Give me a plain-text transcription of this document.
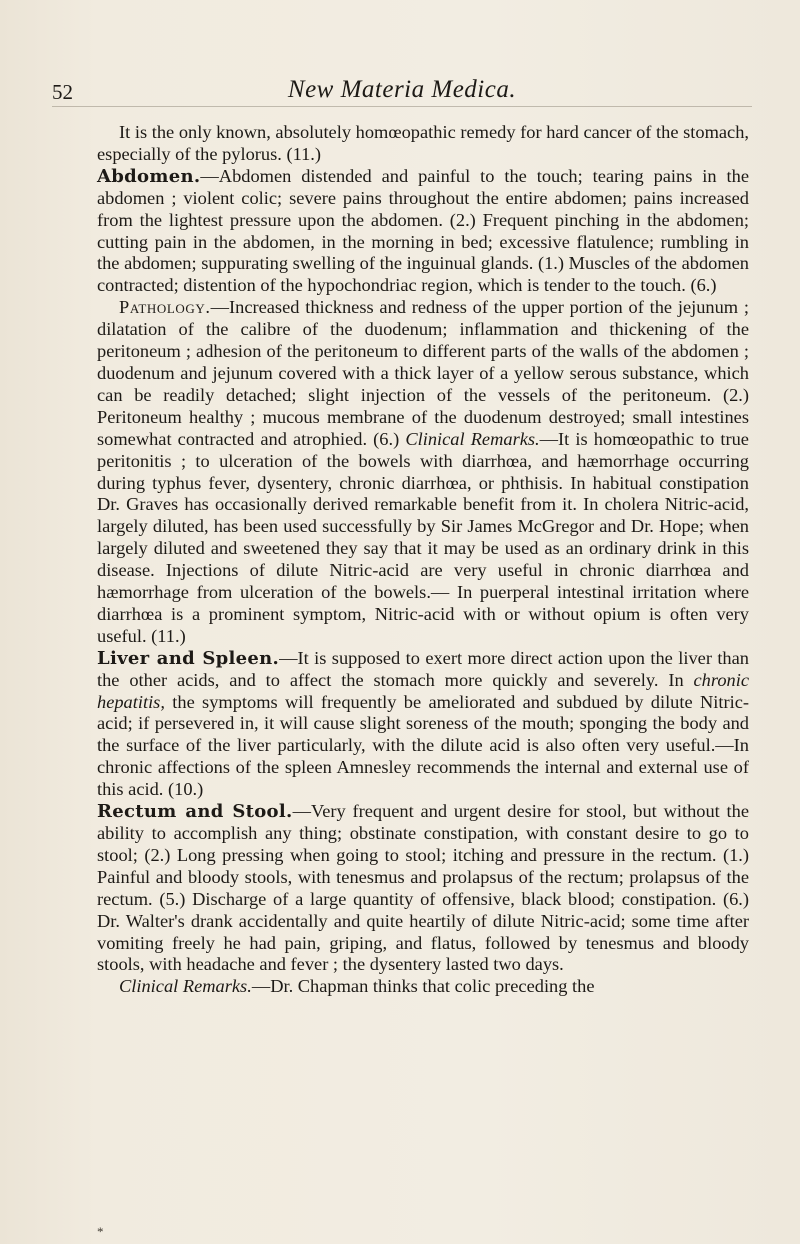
52	New Materia Medica.

It is the only known, absolutely homœopathic remedy for hard cancer of the stomach, especially of the pylorus. (11.)

Abdomen.—Abdomen distended and painful to the touch; tearing pains in the abdomen ; violent colic; severe pains throughout the entire abdomen; pains increased from the lightest pressure upon the abdomen. (2.) Frequent pinching in the abdomen; cutting pain in the abdomen, in the morning in bed; excessive flatulence; rumbling in the abdomen; suppurating swelling of the inguinual glands. (1.) Muscles of the abdomen contracted; distention of the hypochondriac region, which is tender to the touch. (6.)

Pathology.—Increased thickness and redness of the upper portion of the jejunum ; dilatation of the calibre of the duodenum; inflammation and thickening of the peritoneum ; adhesion of the peritoneum to different parts of the walls of the abdomen ; duodenum and jejunum covered with a thick layer of a yellow serous substance, which can be readily detached; slight injection of the vessels of the peritoneum. (2.) Peritoneum healthy ; mucous membrane of the duodenum destroyed; small intestines somewhat contracted and atrophied. (6.) Clinical Remarks.—It is homœopathic to true peritonitis ; to ulceration of the bowels with diarrhœa, and hæmorrhage occurring during typhus fever, dysentery, chronic diarrhœa, or phthisis. In habitual constipation Dr. Graves has occasionally derived remarkable benefit from it. In cholera Nitric-acid, largely diluted, has been used successfully by Sir James McGregor and Dr. Hope; when largely diluted and sweetened they say that it may be used as an ordinary drink in this disease. Injections of dilute Nitric-acid are very useful in chronic diarrhœa and hæmorrhage from ulceration of the bowels.— In puerperal intestinal irritation where diarrhœa is a prominent symptom, Nitric-acid with or without opium is often very useful. (11.)

Liver and Spleen.—It is supposed to exert more direct action upon the liver than the other acids, and to affect the stomach more quickly and severely. In chronic hepatitis, the symptoms will frequently be ameliorated and subdued by dilute Nitric-acid; if persevered in, it will cause slight soreness of the mouth; sponging the body and the surface of the liver particularly, with the dilute acid is also often very useful.—In chronic affections of the spleen Amnesley recommends the internal and external use of this acid. (10.)

Rectum and Stool.—Very frequent and urgent desire for stool, but without the ability to accomplish any thing; obstinate constipation, with constant desire to go to stool; (2.) Long pressing when going to stool; itching and pressure in the rectum. (1.) Painful and bloody stools, with tenesmus and prolapsus of the rectum; prolapsus of the rectum. (5.) Discharge of a large quantity of offensive, black blood; constipation. (6.) Dr. Walter's drank accidentally and quite heartily of dilute Nitric-acid; some time after vomiting freely he had pain, griping, and flatus, followed by tenesmus and bloody stools, with headache and fever ; the dysentery lasted two days.

Clinical Remarks.—Dr. Chapman thinks that colic preceding the

*
